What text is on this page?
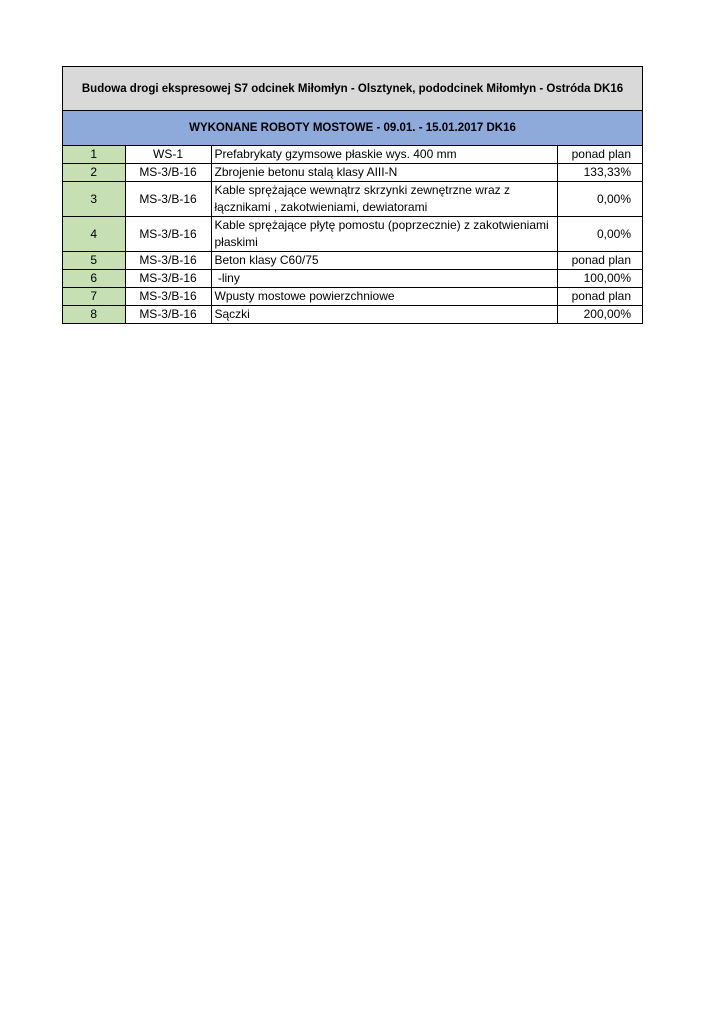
Budowa drogi ekspresowej S7 odcinek Miłomłyn - Olsztynek, pododcinek Miłomłyn - Ostróda DK16
WYKONANE ROBOTY MOSTOWE - 09.01. - 15.01.2017 DK16
1	WS-1	Prefabrykaty gzymsowe płaskie wys. 400 mm	ponad plan
2	MS-3/B-16	Zbrojenie betonu stalą klasy AIII-N	133,33%
3	MS-3/B-16	Kable sprężające wewnątrz skrzynki zewnętrzne wraz z łącznikami , zakotwieniami, dewiatorami	0,00%
4	MS-3/B-16	Kable sprężające płytę pomostu (poprzecznie) z zakotwieniami płaskimi	0,00%
5	MS-3/B-16	Beton klasy C60/75	ponad plan
6	MS-3/B-16	-liny	100,00%
7	MS-3/B-16	Wpusty mostowe powierzchniowe	ponad plan
8	MS-3/B-16	Sączki	200,00%
